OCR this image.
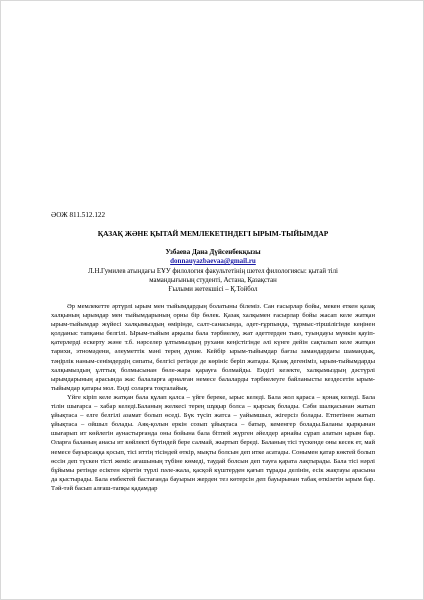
ӘОЖ 811.512.122
ҚАЗАҚ ЖӘНЕ ҚЫТАЙ МЕМЛЕКЕТІНДЕГІ ЫРЫМ-ТЫЙЫМДАР
Узбаева Дана Дүйсенбекқызы
donnauyazbaevaa@gmail.ru
Л.Н.Гумилев атындағы ЕҰУ филология факультетінің шетел филологиясы: қытай тілі
мамандығының студенті, Астана, Қазақстан
Ғылыми жетекшісі – Қ.Тойбол

Әр мемлекетте әртүрлі ырым мен тыйымдардың болатыны білеміз. Сан ғасырлар бойы, мекен еткен қазақ халқының ырымдар мен тыйымдарының орны бір бөлек. Қазақ халқымен ғасырлар бойы жасап келе жатқан ырым-тыйымдар жүйесі халқымыздың өмірінде, салт-санасында, әдет-ғұрпында, тұрмыс-тіршілігінде кеңінен қолданыс тапқаны белгілі. Ырым-тыйым арқылы бала тәрбиелеу, жат әдеттерден тыю, туындауы мүмкін қауіп-қатерлерді ескерту және т.б. нәрселер ұлтымыздың рухани кеңістігінде әлі күнге дейін сақталып келе жатқан тарихи, этномәдени, әлеуметтік мәні терең дүние. Кейбір ырым-тыйымдар бағзы замандардағы шамандық, тәңірлік наным-сенімдердің сипаты, белгісі ретінде де көрініс беріп жатады. Қазақ дегеніміз, ырым-тыйымдарды халқымыздың ұлттық болмысынан бөле-жара қарауға болмайды. Ендігі кезекте, халқымыздың дәстүрлі ырымдарының арасында жас балаларға арналған немесе балаларды тәрбиелеуге байланысты кездесетін ырым-тыйымдар қатары мол. Енді соларға тоқталайық.

Үйге кіріп келе жатқан бала құлап қалса – үйге береке, ырыс келеді. Бала жол қараса – қонақ келеді. Бала тілін шығарса – хабар келеді.Баланың желкесі терең шұқыр болса – қырсық болады. Сәби шалқасынан жатып ұйықтаса – елге белгілі азамат болып өседі. Бүк түсіп жатса – уайымшыл, жігерсіз болады. Етпетінен жатып ұйықтаса – ойшыл болады. Аяқ-қолын еркін созып ұйықтаса – батыр, кеменгер болады.Баланы қырқынан шығарып ит көйлегін аунастырғанда оны бойына бала бітпей жүрген әйелдер арнайы сұрап алатын ырым бар. Оларға баланың анасы ит көйлекті бүтіндей бере салмай, жыртып береді. Баланың тісі түскенде оны кесек ет, май немесе бауырсаққа қосып, тісі иттің тісіндей өткір, мықты болсын деп итке асатады. Сонымен қатар көктей болып өссін деп түскен тісті жеміс ағашының түбіне көмеді, таудай болсын деп тауға қарата лақтырады. Бала тісі нәрлі бұйымы ретінде есіктен кіретін түрлі пәле-жала, қасқой күштерден қағып тұрады делінін, есік жақтауы арасына да қыстырады. Бала ембектей бастағанда бауырын жерден тез көтерсін деп бауырынан табақ өткізетін ырым бар. Тәй-тәй басып алғаш-тапқы қадамдар
